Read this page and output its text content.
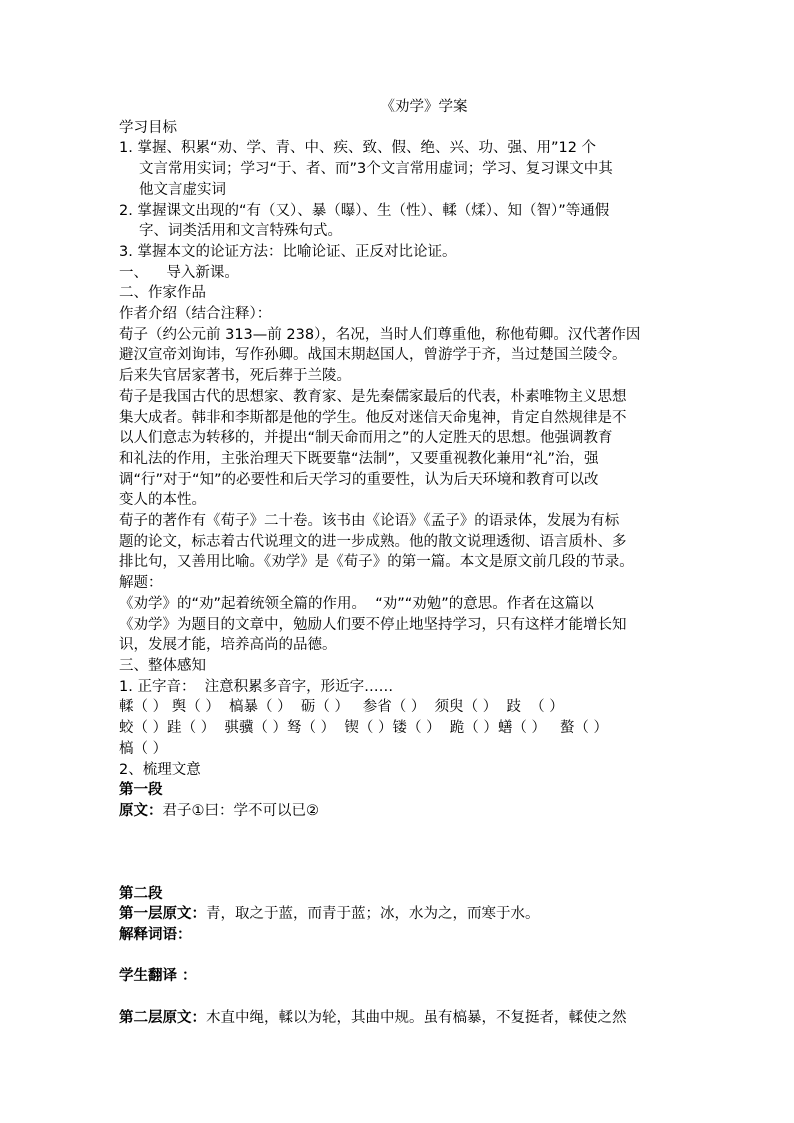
《劝学》学案
学习目标
1. 掌握、积累“劝、学、青、中、疾、致、假、绝、兴、功、强、用”12 个
文言常用实词；学习“于、者、而”3个文言常用虚词；学习、复习课文中其
他文言虚实词
2. 掌握课文出现的“有（又）、暴（曝）、生（性）、輮（煣）、知（智）”等通假
字、词类活用和文言特殊句式。
3. 掌握本文的论证方法：比喻论证、正反对比论证。
一、    导入新课。
二、作家作品
作者介绍（结合注释）：
荀子（约公元前 313—前 238），名况，当时人们尊重他，称他荀卿。汉代著作因
避汉宣帝刘询讳，写作孙卿。战国末期赵国人，曾游学于齐，当过楚国兰陵令。
后来失官居家著书，死后葬于兰陵。
荀子是我国古代的思想家、教育家、是先秦儒家最后的代表，朴素唯物主义思想
集大成者。韩非和李斯都是他的学生。他反对迷信天命鬼神，肯定自然规律是不
以人们意志为转移的，并提出“制天命而用之”的人定胜天的思想。他强调教育
和礼法的作用，主张治理天下既要靠“法制”，又要重视教化兼用“礼”治，强
调“行”对于“知”的必要性和后天学习的重要性，认为后天环境和教育可以改
变人的本性。
荀子的著作有《荀子》二十卷。该书由《论语》《孟子》的语录体，发展为有标
题的论文，标志着古代说理文的进一步成熟。他的散文说理透彻、语言质朴、多
排比句，又善用比喻。《劝学》是《荀子》的第一篇。本文是原文前几段的节录。
解题：
《劝学》的“劝”起着统领全篇的作用。  “劝”“劝勉”的意思。作者在这篇以
《劝学》为题目的文章中，勉励人们要不停止地坚持学习，只有这样才能增长知
识，发展才能，培养高尚的品德。
三、整体感知
1. 正字音：  注意积累多音字，形近字……
輮（ ） 舆（ ）  槁暴（ ）  砺（ ）   参省（ ）  须臾（ ）  跂  （ ）
蛟（ ）跬（ ）  骐骥（ ）驽（ ）  锲（ ）镂（ ）  跪（ ）蟮（ ）   螯（ ）
槁（ ）
2、梳理文意
第一段
原文：君子①曰：学不可以已②
第二段
第一层原文：青，取之于蓝，而青于蓝；冰，水为之，而寒于水。
解释词语：
学生翻译 ：
第二层原文：木直中绳，輮以为轮，其曲中规。虽有槁暴，不复挺者，輮使之然
